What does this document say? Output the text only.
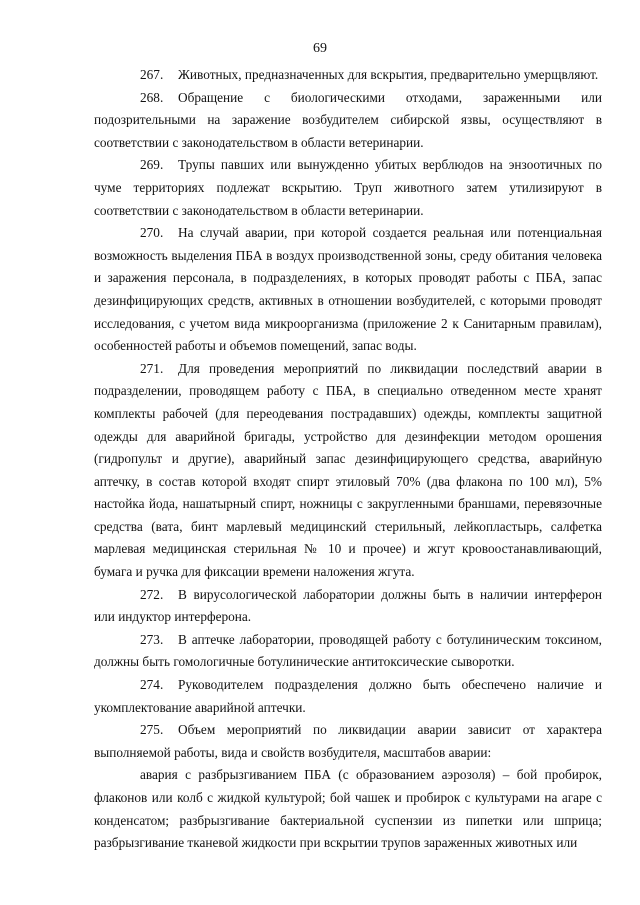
69

267. Животных, предназначенных для вскрытия, предварительно умерщвляют.

268. Обращение с биологическими отходами, зараженными или подозрительными на заражение возбудителем сибирской язвы, осуществляют в соответствии с законодательством в области ветеринарии.

269. Трупы павших или вынужденно убитых верблюдов на энзоотичных по чуме территориях подлежат вскрытию. Труп животного затем утилизируют в соответствии с законодательством в области ветеринарии.

270. На случай аварии, при которой создается реальная или потенциальная возможность выделения ПБА в воздух производственной зоны, среду обитания человека и заражения персонала, в подразделениях, в которых проводят работы с ПБА, запас дезинфицирующих средств, активных в отношении возбудителей, с которыми проводят исследования, с учетом вида микроорганизма (приложение 2 к Санитарным правилам), особенностей работы и объемов помещений, запас воды.

271. Для проведения мероприятий по ликвидации последствий аварии в подразделении, проводящем работу с ПБА, в специально отведенном месте хранят комплекты рабочей (для переодевания пострадавших) одежды, комплекты защитной одежды для аварийной бригады, устройство для дезинфекции методом орошения (гидропульт и другие), аварийный запас дезинфицирующего средства, аварийную аптечку, в состав которой входят спирт этиловый 70% (два флакона по 100 мл), 5% настойка йода, нашатырный спирт, ножницы с закругленными браншами, перевязочные средства (вата, бинт марлевый медицинский стерильный, лейкопластырь, салфетка марлевая медицинская стерильная № 10 и прочее) и жгут кровоостанавливающий, бумага и ручка для фиксации времени наложения жгута.

272. В вирусологической лаборатории должны быть в наличии интерферон или индуктор интерферона.

273. В аптечке лаборатории, проводящей работу с ботулиническим токсином, должны быть гомологичные ботулинические антитоксические сыворотки.

274. Руководителем подразделения должно быть обеспечено наличие и укомплектование аварийной аптечки.

275. Объем мероприятий по ликвидации аварии зависит от характера выполняемой работы, вида и свойств возбудителя, масштабов аварии:

авария с разбрызгиванием ПБА (с образованием аэрозоля) – бой пробирок, флаконов или колб с жидкой культурой; бой чашек и пробирок с культурами на агаре с конденсатом; разбрызгивание бактериальной суспензии из пипетки или шприца; разбрызгивание тканевой жидкости при вскрытии трупов зараженных животных или
